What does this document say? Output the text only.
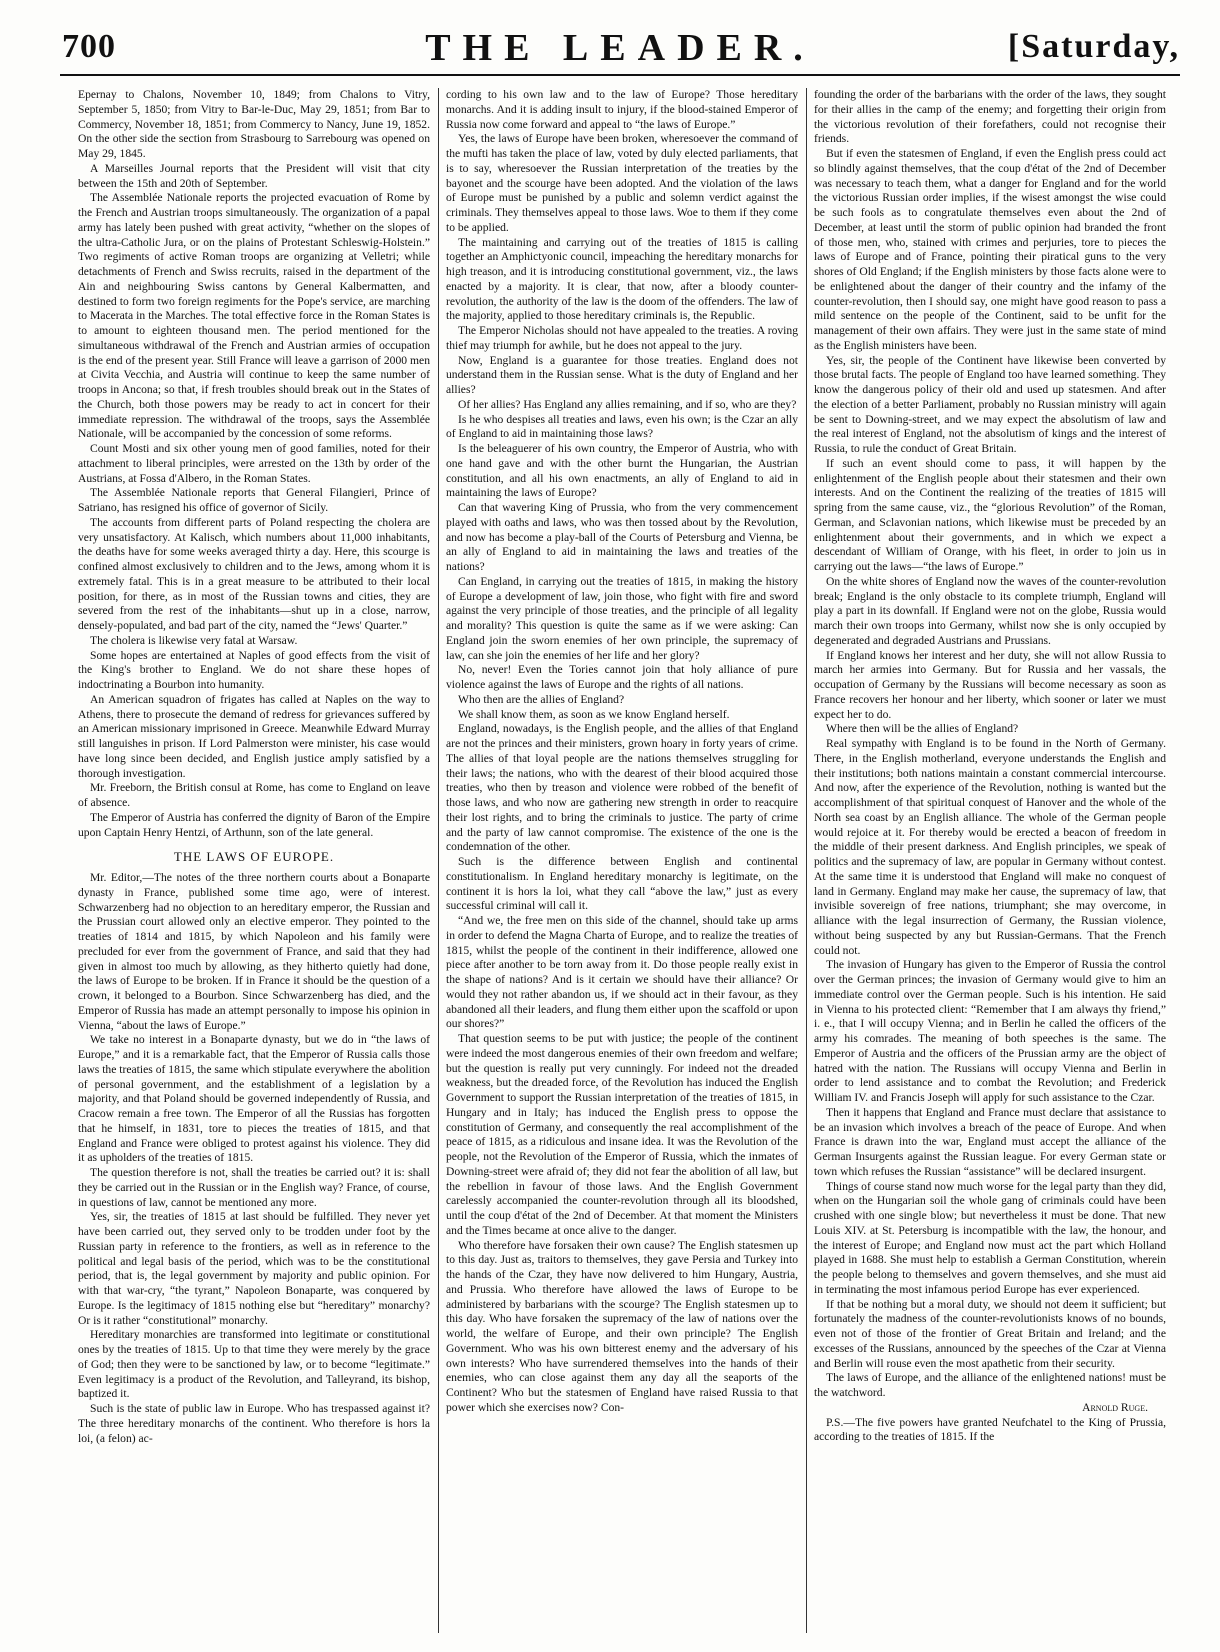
700	THE LEADER.	[Saturday,

Epernay to Chalons, November 10, 1849; from Chalons to Vitry, September 5, 1850; from Vitry to Bar-le-Duc, May 29, 1851; from Bar to Commercy, November 18, 1851; from Commercy to Nancy, June 19, 1852. On the other side the section from Strasbourg to Sarrebourg was opened on May 29, 1845.

A Marseilles Journal reports that the President will visit that city between the 15th and 20th of September.

The Assemblée Nationale reports the projected evacuation of Rome by the French and Austrian troops simultaneously. The organization of a papal army has lately been pushed with great activity, “whether on the slopes of the ultra-Catholic Jura, or on the plains of Protestant Schleswig-Holstein.” Two regiments of active Roman troops are organizing at Velletri; while detachments of French and Swiss recruits, raised in the department of the Ain and neighbouring Swiss cantons by General Kalbermatten, and destined to form two foreign regiments for the Pope's service, are marching to Macerata in the Marches. The total effective force in the Roman States is to amount to eighteen thousand men. The period mentioned for the simultaneous withdrawal of the French and Austrian armies of occupation is the end of the present year. Still France will leave a garrison of 2000 men at Civita Vecchia, and Austria will continue to keep the same number of troops in Ancona; so that, if fresh troubles should break out in the States of the Church, both those powers may be ready to act in concert for their immediate repression. The withdrawal of the troops, says the Assemblée Nationale, will be accompanied by the concession of some reforms.

Count Mosti and six other young men of good families, noted for their attachment to liberal principles, were arrested on the 13th by order of the Austrians, at Fossa d'Albero, in the Roman States.

The Assemblée Nationale reports that General Filangieri, Prince of Satriano, has resigned his office of governor of Sicily.

The accounts from different parts of Poland respecting the cholera are very unsatisfactory. At Kalisch, which numbers about 11,000 inhabitants, the deaths have for some weeks averaged thirty a day. Here, this scourge is confined almost exclusively to children and to the Jews, among whom it is extremely fatal. This is in a great measure to be attributed to their local position, for there, as in most of the Russian towns and cities, they are severed from the rest of the inhabitants—shut up in a close, narrow, densely-populated, and bad part of the city, named the “Jews' Quarter.”

The cholera is likewise very fatal at Warsaw.

Some hopes are entertained at Naples of good effects from the visit of the King's brother to England. We do not share these hopes of indoctrinating a Bourbon into humanity.

An American squadron of frigates has called at Naples on the way to Athens, there to prosecute the demand of redress for grievances suffered by an American missionary imprisoned in Greece. Meanwhile Edward Murray still languishes in prison. If Lord Palmerston were minister, his case would have long since been decided, and English justice amply satisfied by a thorough investigation.

Mr. Freeborn, the British consul at Rome, has come to England on leave of absence.

The Emperor of Austria has conferred the dignity of Baron of the Empire upon Captain Henry Hentzi, of Arthunn, son of the late general.

THE LAWS OF EUROPE.

Mr. Editor,—The notes of the three northern courts about a Bonaparte dynasty in France, published some time ago, were of interest. Schwarzenberg had no objection to an hereditary emperor, the Russian and the Prussian court allowed only an elective emperor. They pointed to the treaties of 1814 and 1815, by which Napoleon and his family were precluded for ever from the government of France, and said that they had given in almost too much by allowing, as they hitherto quietly had done, the laws of Europe to be broken. If in France it should be the question of a crown, it belonged to a Bourbon. Since Schwarzenberg has died, and the Emperor of Russia has made an attempt personally to impose his opinion in Vienna, “about the laws of Europe.”

We take no interest in a Bonaparte dynasty, but we do in “the laws of Europe,” and it is a remarkable fact, that the Emperor of Russia calls those laws the treaties of 1815, the same which stipulate everywhere the abolition of personal government, and the establishment of a legislation by a majority, and that Poland should be governed independently of Russia, and Cracow remain a free town. The Emperor of all the Russias has forgotten that he himself, in 1831, tore to pieces the treaties of 1815, and that England and France were obliged to protest against his violence. They did it as upholders of the treaties of 1815.

The question therefore is not, shall the treaties be carried out? it is: shall they be carried out in the Russian or in the English way? France, of course, in questions of law, cannot be mentioned any more.

Yes, sir, the treaties of 1815 at last should be fulfilled. They never yet have been carried out, they served only to be trodden under foot by the Russian party in reference to the frontiers, as well as in reference to the political and legal basis of the period, which was to be the constitutional period, that is, the legal government by majority and public opinion. For with that war-cry, “the tyrant,” Napoleon Bonaparte, was conquered by Europe. Is the legitimacy of 1815 nothing else but “hereditary” monarchy? Or is it rather “constitutional” monarchy.

Hereditary monarchies are transformed into legitimate or constitutional ones by the treaties of 1815. Up to that time they were merely by the grace of God; then they were to be sanctioned by law, or to become “legitimate.” Even legitimacy is a product of the Revolution, and Talleyrand, its bishop, baptized it.

Such is the state of public law in Europe. Who has trespassed against it? The three hereditary monarchs of the continent. Who therefore is hors la loi, (a felon) ac-

cording to his own law and to the law of Europe? Those hereditary monarchs. And it is adding insult to injury, if the blood-stained Emperor of Russia now come forward and appeal to “the laws of Europe.”

Yes, the laws of Europe have been broken, wheresoever the command of the mufti has taken the place of law, voted by duly elected parliaments, that is to say, wheresoever the Russian interpretation of the treaties by the bayonet and the scourge have been adopted. And the violation of the laws of Europe must be punished by a public and solemn verdict against the criminals. They themselves appeal to those laws. Woe to them if they come to be applied.

The maintaining and carrying out of the treaties of 1815 is calling together an Amphictyonic council, impeaching the hereditary monarchs for high treason, and it is introducing constitutional government, viz., the laws enacted by a majority. It is clear, that now, after a bloody counter-revolution, the authority of the law is the doom of the offenders. The law of the majority, applied to those hereditary criminals is, the Republic.

The Emperor Nicholas should not have appealed to the treaties. A roving thief may triumph for awhile, but he does not appeal to the jury.

Now, England is a guarantee for those treaties. England does not understand them in the Russian sense. What is the duty of England and her allies?

Of her allies? Has England any allies remaining, and if so, who are they?

Is he who despises all treaties and laws, even his own; is the Czar an ally of England to aid in maintaining those laws?

Is the beleaguerer of his own country, the Emperor of Austria, who with one hand gave and with the other burnt the Hungarian, the Austrian constitution, and all his own enactments, an ally of England to aid in maintaining the laws of Europe?

Can that wavering King of Prussia, who from the very commencement played with oaths and laws, who was then tossed about by the Revolution, and now has become a play-ball of the Courts of Petersburg and Vienna, be an ally of England to aid in maintaining the laws and treaties of the nations?

Can England, in carrying out the treaties of 1815, in making the history of Europe a development of law, join those, who fight with fire and sword against the very principle of those treaties, and the principle of all legality and morality? This question is quite the same as if we were asking: Can England join the sworn enemies of her own principle, the supremacy of law, can she join the enemies of her life and her glory?

No, never! Even the Tories cannot join that holy alliance of pure violence against the laws of Europe and the rights of all nations.

Who then are the allies of England?

We shall know them, as soon as we know England herself.

England, nowadays, is the English people, and the allies of that England are not the princes and their ministers, grown hoary in forty years of crime. The allies of that loyal people are the nations themselves struggling for their laws; the nations, who with the dearest of their blood acquired those treaties, who then by treason and violence were robbed of the benefit of those laws, and who now are gathering new strength in order to reacquire their lost rights, and to bring the criminals to justice. The party of crime and the party of law cannot compromise. The existence of the one is the condemnation of the other.

Such is the difference between English and continental constitutionalism. In England hereditary monarchy is legitimate, on the continent it is hors la loi, what they call “above the law,” just as every successful criminal will call it.

“And we, the free men on this side of the channel, should take up arms in order to defend the Magna Charta of Europe, and to realize the treaties of 1815, whilst the people of the continent in their indifference, allowed one piece after another to be torn away from it. Do those people really exist in the shape of nations? And is it certain we should have their alliance? Or would they not rather abandon us, if we should act in their favour, as they abandoned all their leaders, and flung them either upon the scaffold or upon our shores?”

That question seems to be put with justice; the people of the continent were indeed the most dangerous enemies of their own freedom and welfare; but the question is really put very cunningly. For indeed not the dreaded weakness, but the dreaded force, of the Revolution has induced the English Government to support the Russian interpretation of the treaties of 1815, in Hungary and in Italy; has induced the English press to oppose the constitution of Germany, and consequently the real accomplishment of the peace of 1815, as a ridiculous and insane idea. It was the Revolution of the people, not the Revolution of the Emperor of Russia, which the inmates of Downing-street were afraid of; they did not fear the abolition of all law, but the rebellion in favour of those laws. And the English Government carelessly accompanied the counter-revolution through all its bloodshed, until the coup d'état of the 2nd of December. At that moment the Ministers and the Times became at once alive to the danger.

Who therefore have forsaken their own cause? The English statesmen up to this day. Just as, traitors to themselves, they gave Persia and Turkey into the hands of the Czar, they have now delivered to him Hungary, Austria, and Prussia. Who therefore have allowed the laws of Europe to be administered by barbarians with the scourge? The English statesmen up to this day. Who have forsaken the supremacy of the law of nations over the world, the welfare of Europe, and their own principle? The English Government. Who was his own bitterest enemy and the adversary of his own interests? Who have surrendered themselves into the hands of their enemies, who can close against them any day all the seaports of the Continent? Who but the statesmen of England have raised Russia to that power which she exercises now? Con-

founding the order of the barbarians with the order of the laws, they sought for their allies in the camp of the enemy; and forgetting their origin from the victorious revolution of their forefathers, could not recognise their friends.

But if even the statesmen of England, if even the English press could act so blindly against themselves, that the coup d'état of the 2nd of December was necessary to teach them, what a danger for England and for the world the victorious Russian order implies, if the wisest amongst the wise could be such fools as to congratulate themselves even about the 2nd of December, at least until the storm of public opinion had branded the front of those men, who, stained with crimes and perjuries, tore to pieces the laws of Europe and of France, pointing their piratical guns to the very shores of Old England; if the English ministers by those facts alone were to be enlightened about the danger of their country and the infamy of the counter-revolution, then I should say, one might have good reason to pass a mild sentence on the people of the Continent, said to be unfit for the management of their own affairs. They were just in the same state of mind as the English ministers have been.

Yes, sir, the people of the Continent have likewise been converted by those brutal facts. The people of England too have learned something. They know the dangerous policy of their old and used up statesmen. And after the election of a better Parliament, probably no Russian ministry will again be sent to Downing-street, and we may expect the absolutism of law and the real interest of England, not the absolutism of kings and the interest of Russia, to rule the conduct of Great Britain.

If such an event should come to pass, it will happen by the enlightenment of the English people about their statesmen and their own interests. And on the Continent the realizing of the treaties of 1815 will spring from the same cause, viz., the “glorious Revolution” of the Roman, German, and Sclavonian nations, which likewise must be preceded by an enlightenment about their governments, and in which we expect a descendant of William of Orange, with his fleet, in order to join us in carrying out the laws—“the laws of Europe.”

On the white shores of England now the waves of the counter-revolution break; England is the only obstacle to its complete triumph, England will play a part in its downfall. If England were not on the globe, Russia would march their own troops into Germany, whilst now she is only occupied by degenerated and degraded Austrians and Prussians.

If England knows her interest and her duty, she will not allow Russia to march her armies into Germany. But for Russia and her vassals, the occupation of Germany by the Russians will become necessary as soon as France recovers her honour and her liberty, which sooner or later we must expect her to do.

Where then will be the allies of England?

Real sympathy with England is to be found in the North of Germany. There, in the English motherland, everyone understands the English and their institutions; both nations maintain a constant commercial intercourse. And now, after the experience of the Revolution, nothing is wanted but the accomplishment of that spiritual conquest of Hanover and the whole of the North sea coast by an English alliance. The whole of the German people would rejoice at it. For thereby would be erected a beacon of freedom in the middle of their present darkness. And English principles, we speak of politics and the supremacy of law, are popular in Germany without contest. At the same time it is understood that England will make no conquest of land in Germany. England may make her cause, the supremacy of law, that invisible sovereign of free nations, triumphant; she may overcome, in alliance with the legal insurrection of Germany, the Russian violence, without being suspected by any but Russian-Germans. That the French could not.

The invasion of Hungary has given to the Emperor of Russia the control over the German princes; the invasion of Germany would give to him an immediate control over the German people. Such is his intention. He said in Vienna to his protected client: “Remember that I am always thy friend,” i. e., that I will occupy Vienna; and in Berlin he called the officers of the army his comrades. The meaning of both speeches is the same. The Emperor of Austria and the officers of the Prussian army are the object of hatred with the nation. The Russians will occupy Vienna and Berlin in order to lend assistance and to combat the Revolution; and Frederick William IV. and Francis Joseph will apply for such assistance to the Czar.

Then it happens that England and France must declare that assistance to be an invasion which involves a breach of the peace of Europe. And when France is drawn into the war, England must accept the alliance of the German Insurgents against the Russian league. For every German state or town which refuses the Russian “assistance” will be declared insurgent.

Things of course stand now much worse for the legal party than they did, when on the Hungarian soil the whole gang of criminals could have been crushed with one single blow; but nevertheless it must be done. That new Louis XIV. at St. Petersburg is incompatible with the law, the honour, and the interest of Europe; and England now must act the part which Holland played in 1688. She must help to establish a German Constitution, wherein the people belong to themselves and govern themselves, and she must aid in terminating the most infamous period Europe has ever experienced.

If that be nothing but a moral duty, we should not deem it sufficient; but fortunately the madness of the counter-revolutionists knows of no bounds, even not of those of the frontier of Great Britain and Ireland; and the excesses of the Russians, announced by the speeches of the Czar at Vienna and Berlin will rouse even the most apathetic from their security.

The laws of Europe, and the alliance of the enlightened nations! must be the watchword.

Arnold Ruge.

P.S.—The five powers have granted Neufchatel to the King of Prussia, according to the treaties of 1815. If the
